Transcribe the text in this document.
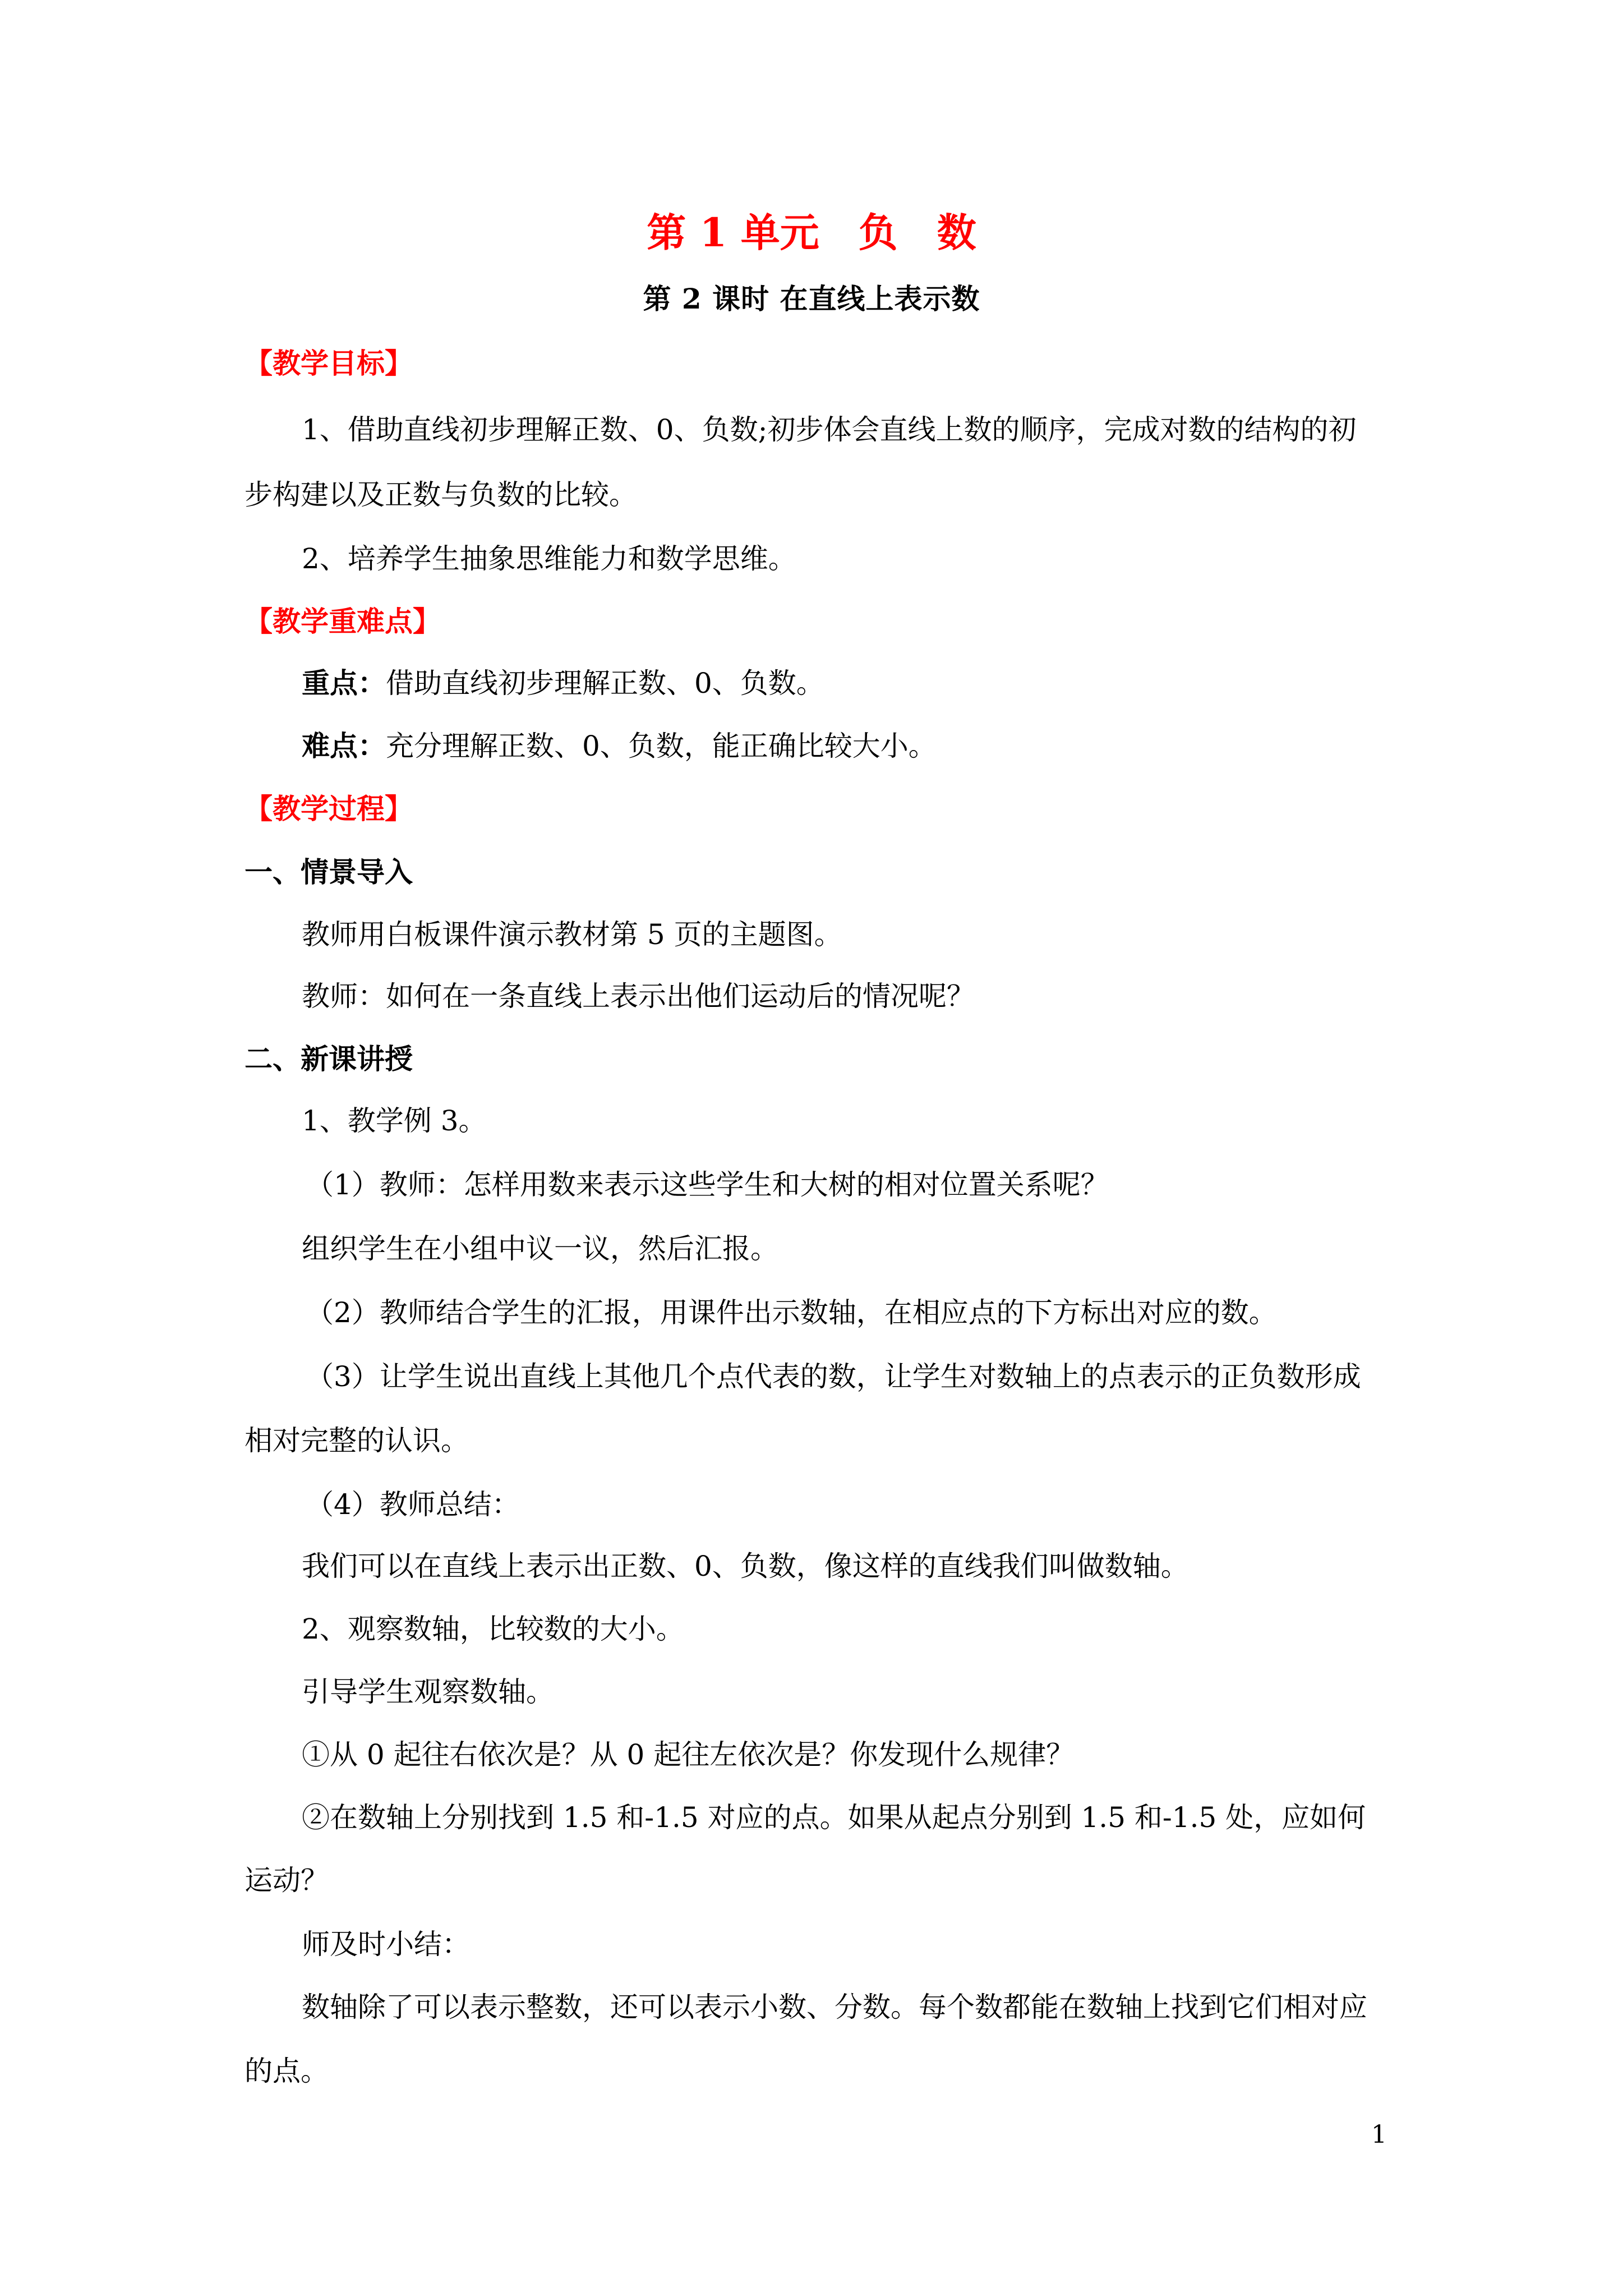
第 1 单元　负　数
第 2 课时 在直线上表示数
【教学目标】
1、借助直线初步理解正数、0、负数;初步体会直线上数的顺序，完成对数的结构的初
步构建以及正数与负数的比较。
2、培养学生抽象思维能力和数学思维。
【教学重难点】
重点：借助直线初步理解正数、0、负数。
难点：充分理解正数、0、负数，能正确比较大小。
【教学过程】
一、情景导入
教师用白板课件演示教材第 5 页的主题图。
教师：如何在一条直线上表示出他们运动后的情况呢？
二、新课讲授
1、教学例 3。
（1）教师：怎样用数来表示这些学生和大树的相对位置关系呢？
组织学生在小组中议一议，然后汇报。
（2）教师结合学生的汇报，用课件出示数轴，在相应点的下方标出对应的数。
（3）让学生说出直线上其他几个点代表的数，让学生对数轴上的点表示的正负数形成
相对完整的认识。
（4）教师总结：
我们可以在直线上表示出正数、0、负数，像这样的直线我们叫做数轴。
2、观察数轴，比较数的大小。
引导学生观察数轴。
①从 0 起往右依次是？从 0 起往左依次是？你发现什么规律？
②在数轴上分别找到 1.5 和-1.5 对应的点。如果从起点分别到 1.5 和-1.5 处，应如何
运动？
师及时小结：
数轴除了可以表示整数，还可以表示小数、分数。每个数都能在数轴上找到它们相对应
的点。
1
